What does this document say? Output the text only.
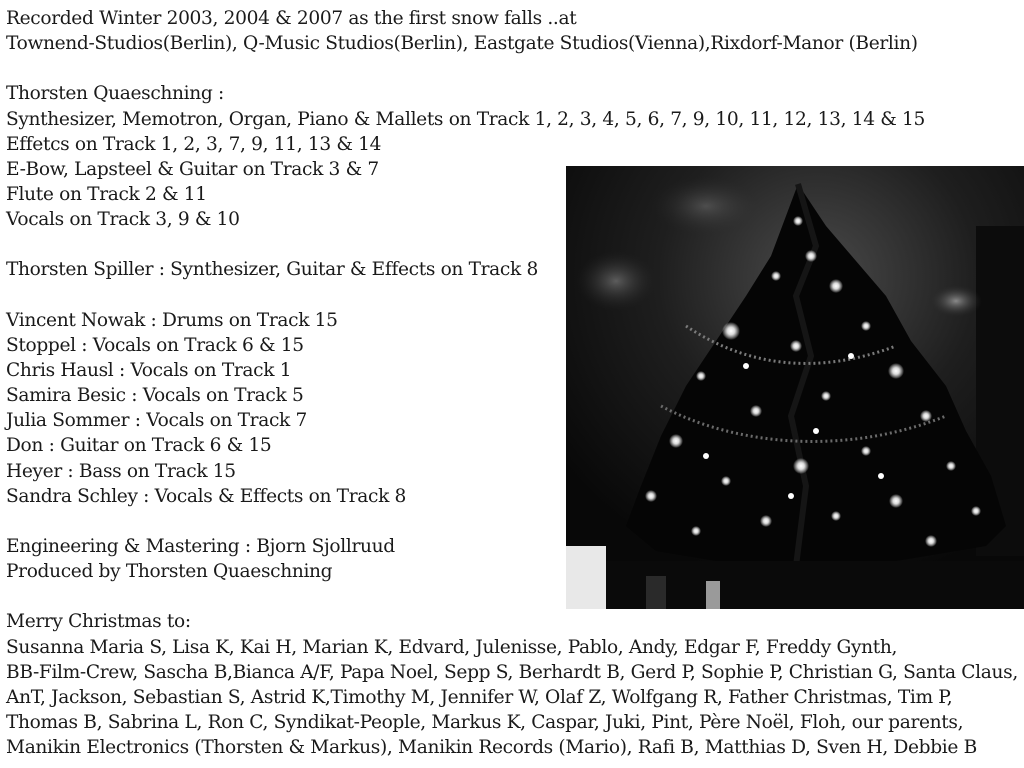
Recorded Winter 2003, 2004 & 2007 as the first snow falls ..at
Townend-Studios(Berlin), Q-Music Studios(Berlin), Eastgate Studios(Vienna),Rixdorf-Manor (Berlin)
Thorsten Quaeschning :
Synthesizer, Memotron, Organ, Piano & Mallets on Track 1, 2, 3, 4, 5, 6, 7, 9, 10, 11, 12, 13, 14 & 15
Effetcs on Track 1, 2, 3, 7, 9, 11, 13 & 14
E-Bow, Lapsteel & Guitar on Track 3 & 7
Flute on Track 2 & 11
Vocals on Track 3, 9 & 10
Thorsten Spiller : Synthesizer, Guitar & Effects on Track 8
Vincent Nowak : Drums on Track 15
Stoppel : Vocals on Track 6 & 15
Chris Hausl : Vocals on Track 1
Samira Besic : Vocals on Track 5
Julia Sommer : Vocals on Track 7
Don : Guitar on Track 6 & 15
Heyer : Bass on Track 15
Sandra Schley : Vocals & Effects on Track 8
Engineering & Mastering : Bjorn Sjollruud
Produced by Thorsten Quaeschning
Merry Christmas to:
Susanna Maria S, Lisa K, Kai H, Marian K, Edvard, Julenisse, Pablo, Andy, Edgar F, Freddy Gynth,
BB-Film-Crew, Sascha B,Bianca A/F, Papa Noel, Sepp S, Berhardt B, Gerd P, Sophie P, Christian G, Santa Claus,
AnT, Jackson, Sebastian S, Astrid K,Timothy M, Jennifer W, Olaf Z, Wolfgang R, Father Christmas, Tim P,
Thomas B, Sabrina L, Ron C, Syndikat-People, Markus K, Caspar, Juki, Pint, Père Noël, Floh, our parents,
Manikin Electronics (Thorsten & Markus), Manikin Records (Mario), Rafi B, Matthias D, Sven H, Debbie B
